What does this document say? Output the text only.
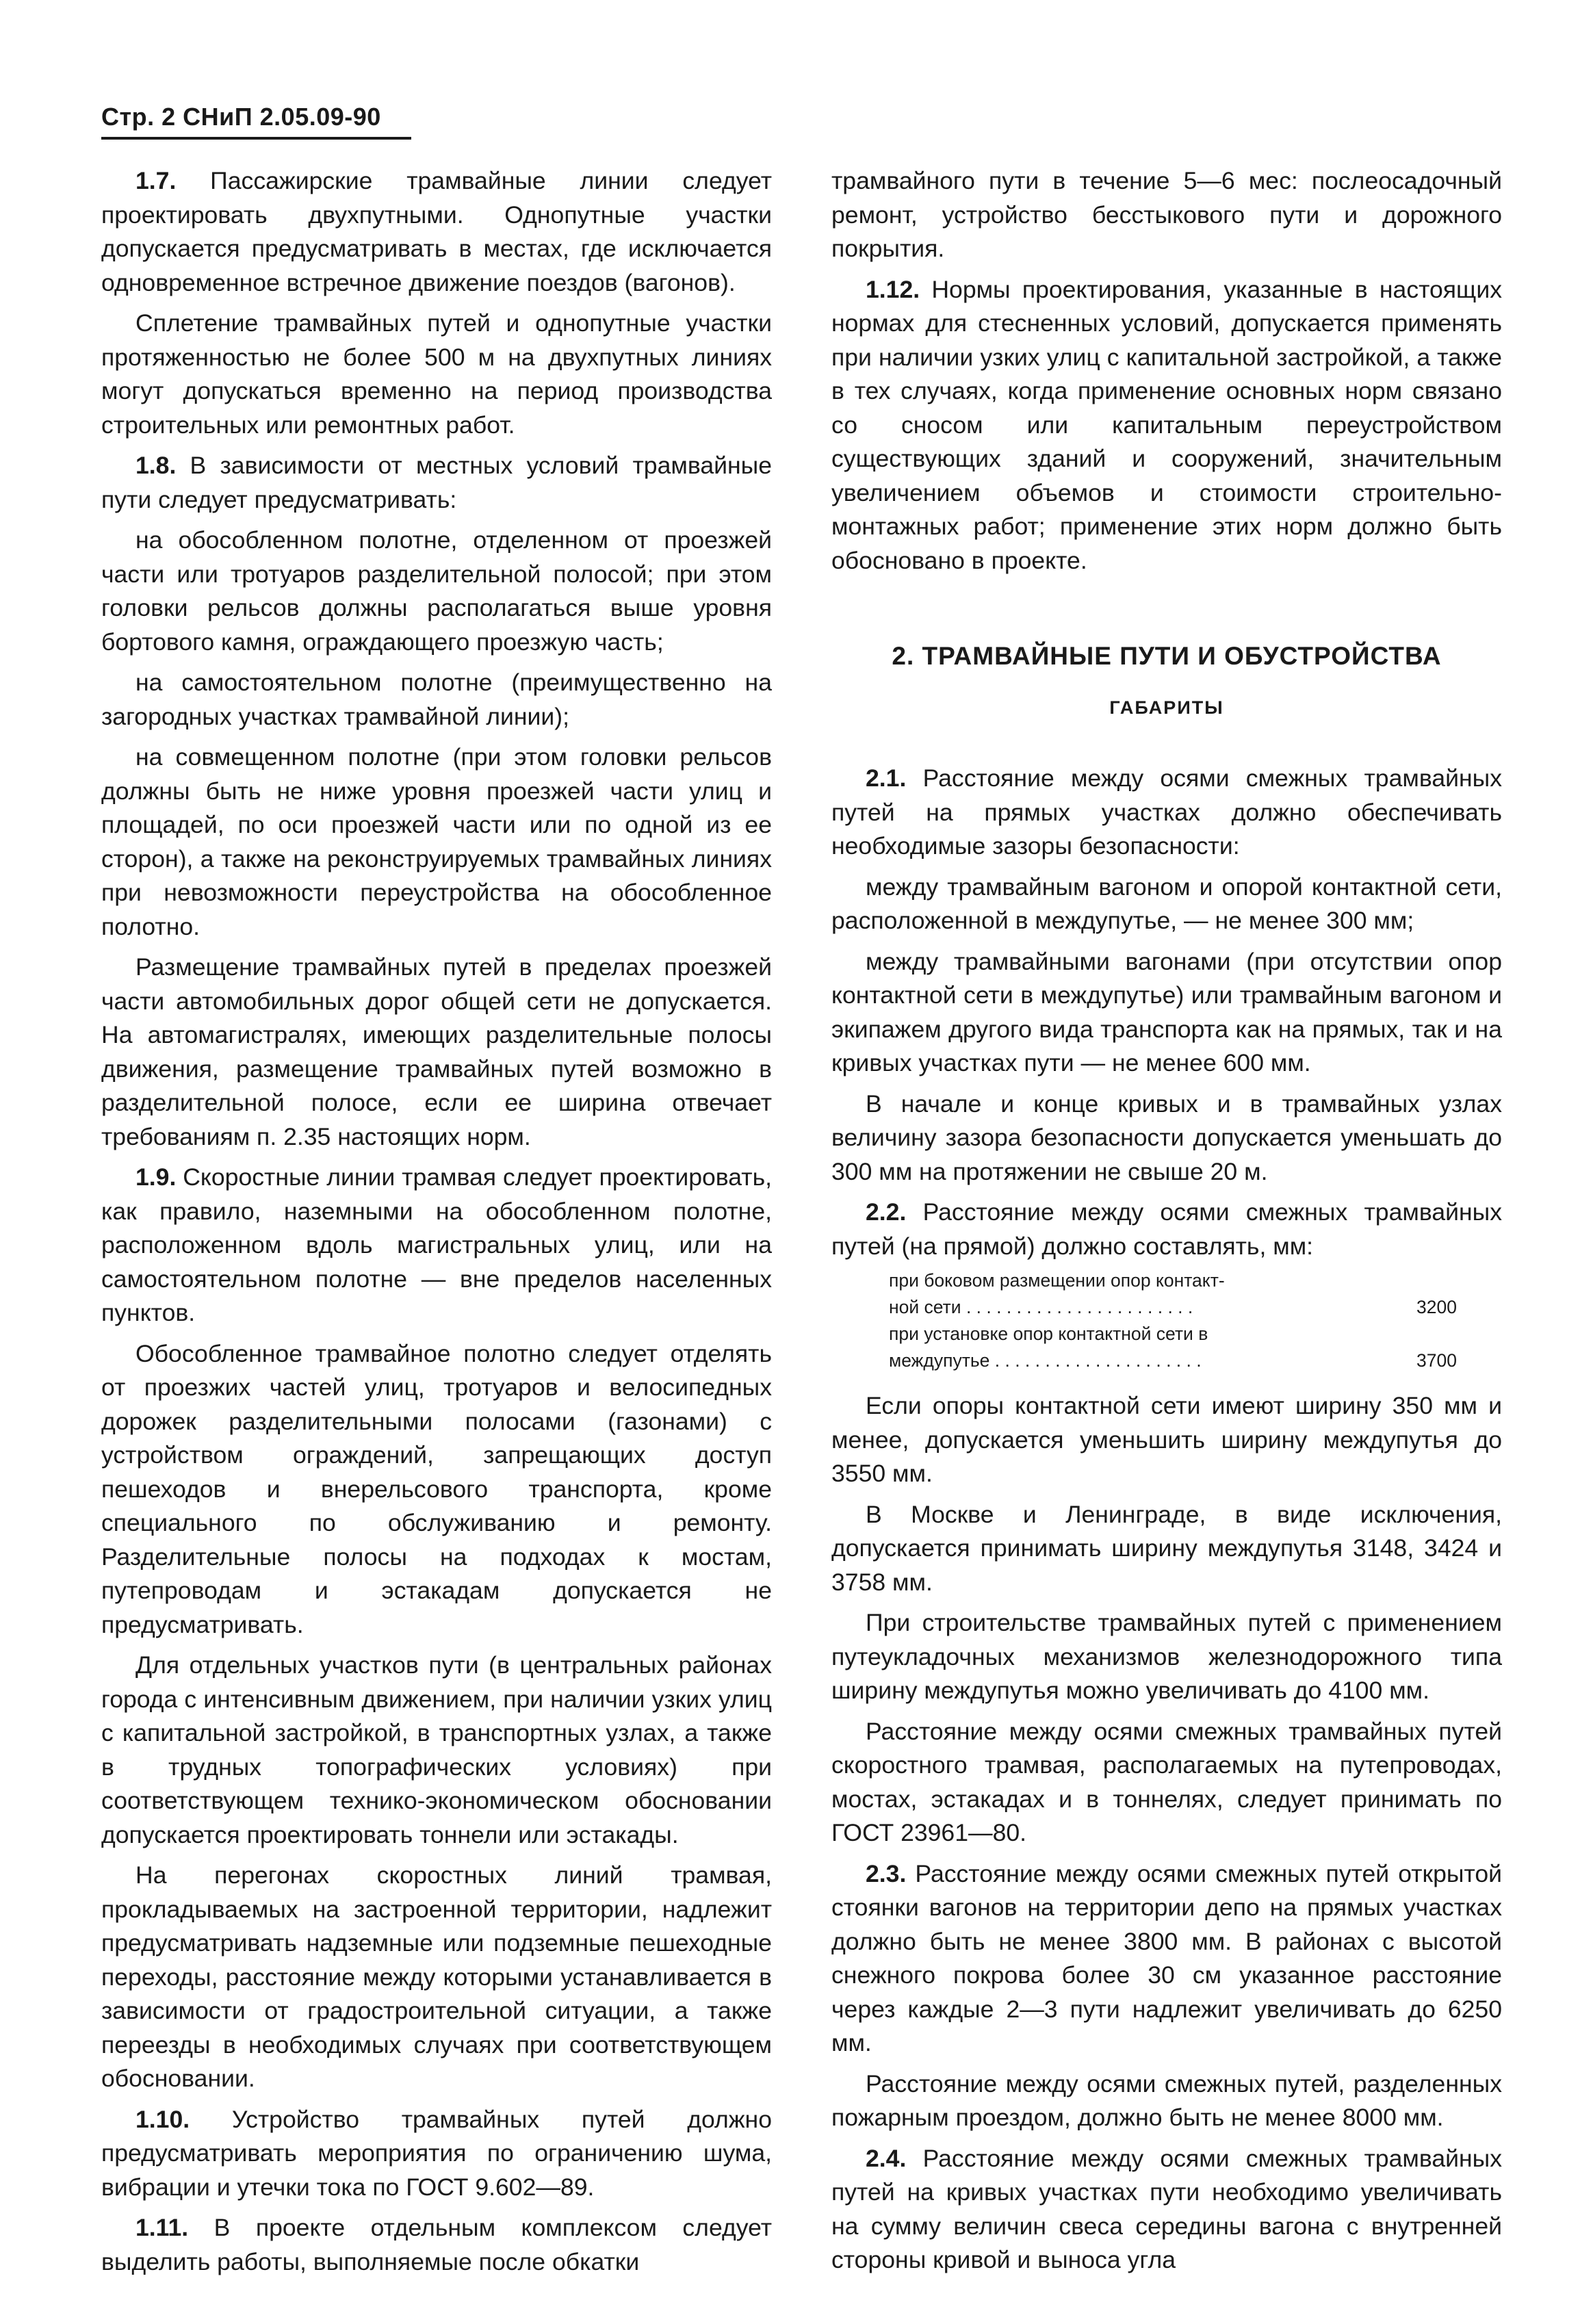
Стр. 2 СНиП 2.05.09-90

1.7. Пассажирские трамвайные линии следует проектировать двухпутными. Однопутные участки допускается предусматривать в местах, где исключается одновременное встречное движение поездов (вагонов).

Сплетение трамвайных путей и однопутные участки протяженностью не более 500 м на двухпутных линиях могут допускаться временно на период производства строительных или ремонтных работ.

1.8. В зависимости от местных условий трамвайные пути следует предусматривать:

на обособленном полотне, отделенном от проезжей части или тротуаров разделительной полосой; при этом головки рельсов должны располагаться выше уровня бортового камня, ограждающего проезжую часть;

на самостоятельном полотне (преимущественно на загородных участках трамвайной линии);

на совмещенном полотне (при этом головки рельсов должны быть не ниже уровня проезжей части улиц и площадей, по оси проезжей части или по одной из ее сторон), а также на реконструируемых трамвайных линиях при невозможности переустройства на обособленное полотно.

Размещение трамвайных путей в пределах проезжей части автомобильных дорог общей сети не допускается. На автомагистралях, имеющих разделительные полосы движения, размещение трамвайных путей возможно в разделительной полосе, если ее ширина отвечает требованиям п. 2.35 настоящих норм.

1.9. Скоростные линии трамвая следует проектировать, как правило, наземными на обособленном полотне, расположенном вдоль магистральных улиц, или на самостоятельном полотне — вне пределов населенных пунктов.

Обособленное трамвайное полотно следует отделять от проезжих частей улиц, тротуаров и велосипедных дорожек разделительными полосами (газонами) с устройством ограждений, запрещающих доступ пешеходов и внерельсового транспорта, кроме специального по обслуживанию и ремонту. Разделительные полосы на подходах к мостам, путепроводам и эстакадам допускается не предусматривать.

Для отдельных участков пути (в центральных районах города с интенсивным движением, при наличии узких улиц с капитальной застройкой, в транспортных узлах, а также в трудных топографических условиях) при соответствующем технико-экономическом обосновании допускается проектировать тоннели или эстакады.

На перегонах скоростных линий трамвая, прокладываемых на застроенной территории, надлежит предусматривать надземные или подземные пешеходные переходы, расстояние между которыми устанавливается в зависимости от градостроительной ситуации, а также переезды в необходимых случаях при соответствующем обосновании.

1.10. Устройство трамвайных путей должно предусматривать мероприятия по ограничению шума, вибрации и утечки тока по ГОСТ 9.602—89.

1.11. В проекте отдельным комплексом следует выделить работы, выполняемые после обкатки

трамвайного пути в течение 5—6 мес: послеосадочный ремонт, устройство бесстыкового пути и дорожного покрытия.

1.12. Нормы проектирования, указанные в настоящих нормах для стесненных условий, допускается применять при наличии узких улиц с капитальной застройкой, а также в тех случаях, когда применение основных норм связано со сносом или капитальным переустройством существующих зданий и сооружений, значительным увеличением объемов и стоимости строительно-монтажных работ; применение этих норм должно быть обосновано в проекте.

2. ТРАМВАЙНЫЕ ПУТИ И ОБУСТРОЙСТВА
ГАБАРИТЫ

2.1. Расстояние между осями смежных трамвайных путей на прямых участках должно обеспечивать необходимые зазоры безопасности:

между трамвайным вагоном и опорой контактной сети, расположенной в междупутье, — не менее 300 мм;

между трамвайными вагонами (при отсутствии опор контактной сети в междупутье) или трамвайным вагоном и экипажем другого вида транспорта как на прямых, так и на кривых участках пути — не менее 600 мм.

В начале и конце кривых и в трамвайных узлах величину зазора безопасности допускается уменьшать до 300 мм на протяжении не свыше 20 м.

2.2. Расстояние между осями смежных трамвайных путей (на прямой) должно составлять, мм:

при боковом размещении опор контакт-
ной сети . . . . . . . . . . . . . . . . . . . . . . .	3200
при установке опор контактной сети в
междупутье . . . . . . . . . . . . . . . . . . . . .	3700

Если опоры контактной сети имеют ширину 350 мм и менее, допускается уменьшить ширину междупутья до 3550 мм.

В Москве и Ленинграде, в виде исключения, допускается принимать ширину междупутья 3148, 3424 и 3758 мм.

При строительстве трамвайных путей с применением путеукладочных механизмов железнодорожного типа ширину междупутья можно увеличивать до 4100 мм.

Расстояние между осями смежных трамвайных путей скоростного трамвая, располагаемых на путепроводах, мостах, эстакадах и в тоннелях, следует принимать по ГОСТ 23961—80.

2.3. Расстояние между осями смежных путей открытой стоянки вагонов на территории депо на прямых участках должно быть не менее 3800 мм. В районах с высотой снежного покрова более 30 см указанное расстояние через каждые 2—3 пути надлежит увеличивать до 6250 мм.

Расстояние между осями смежных путей, разделенных пожарным проездом, должно быть не менее 8000 мм.

2.4. Расстояние между осями смежных трамвайных путей на кривых участках пути необходимо увеличивать на сумму величин свеса середины вагона с внутренней стороны кривой и выноса угла
